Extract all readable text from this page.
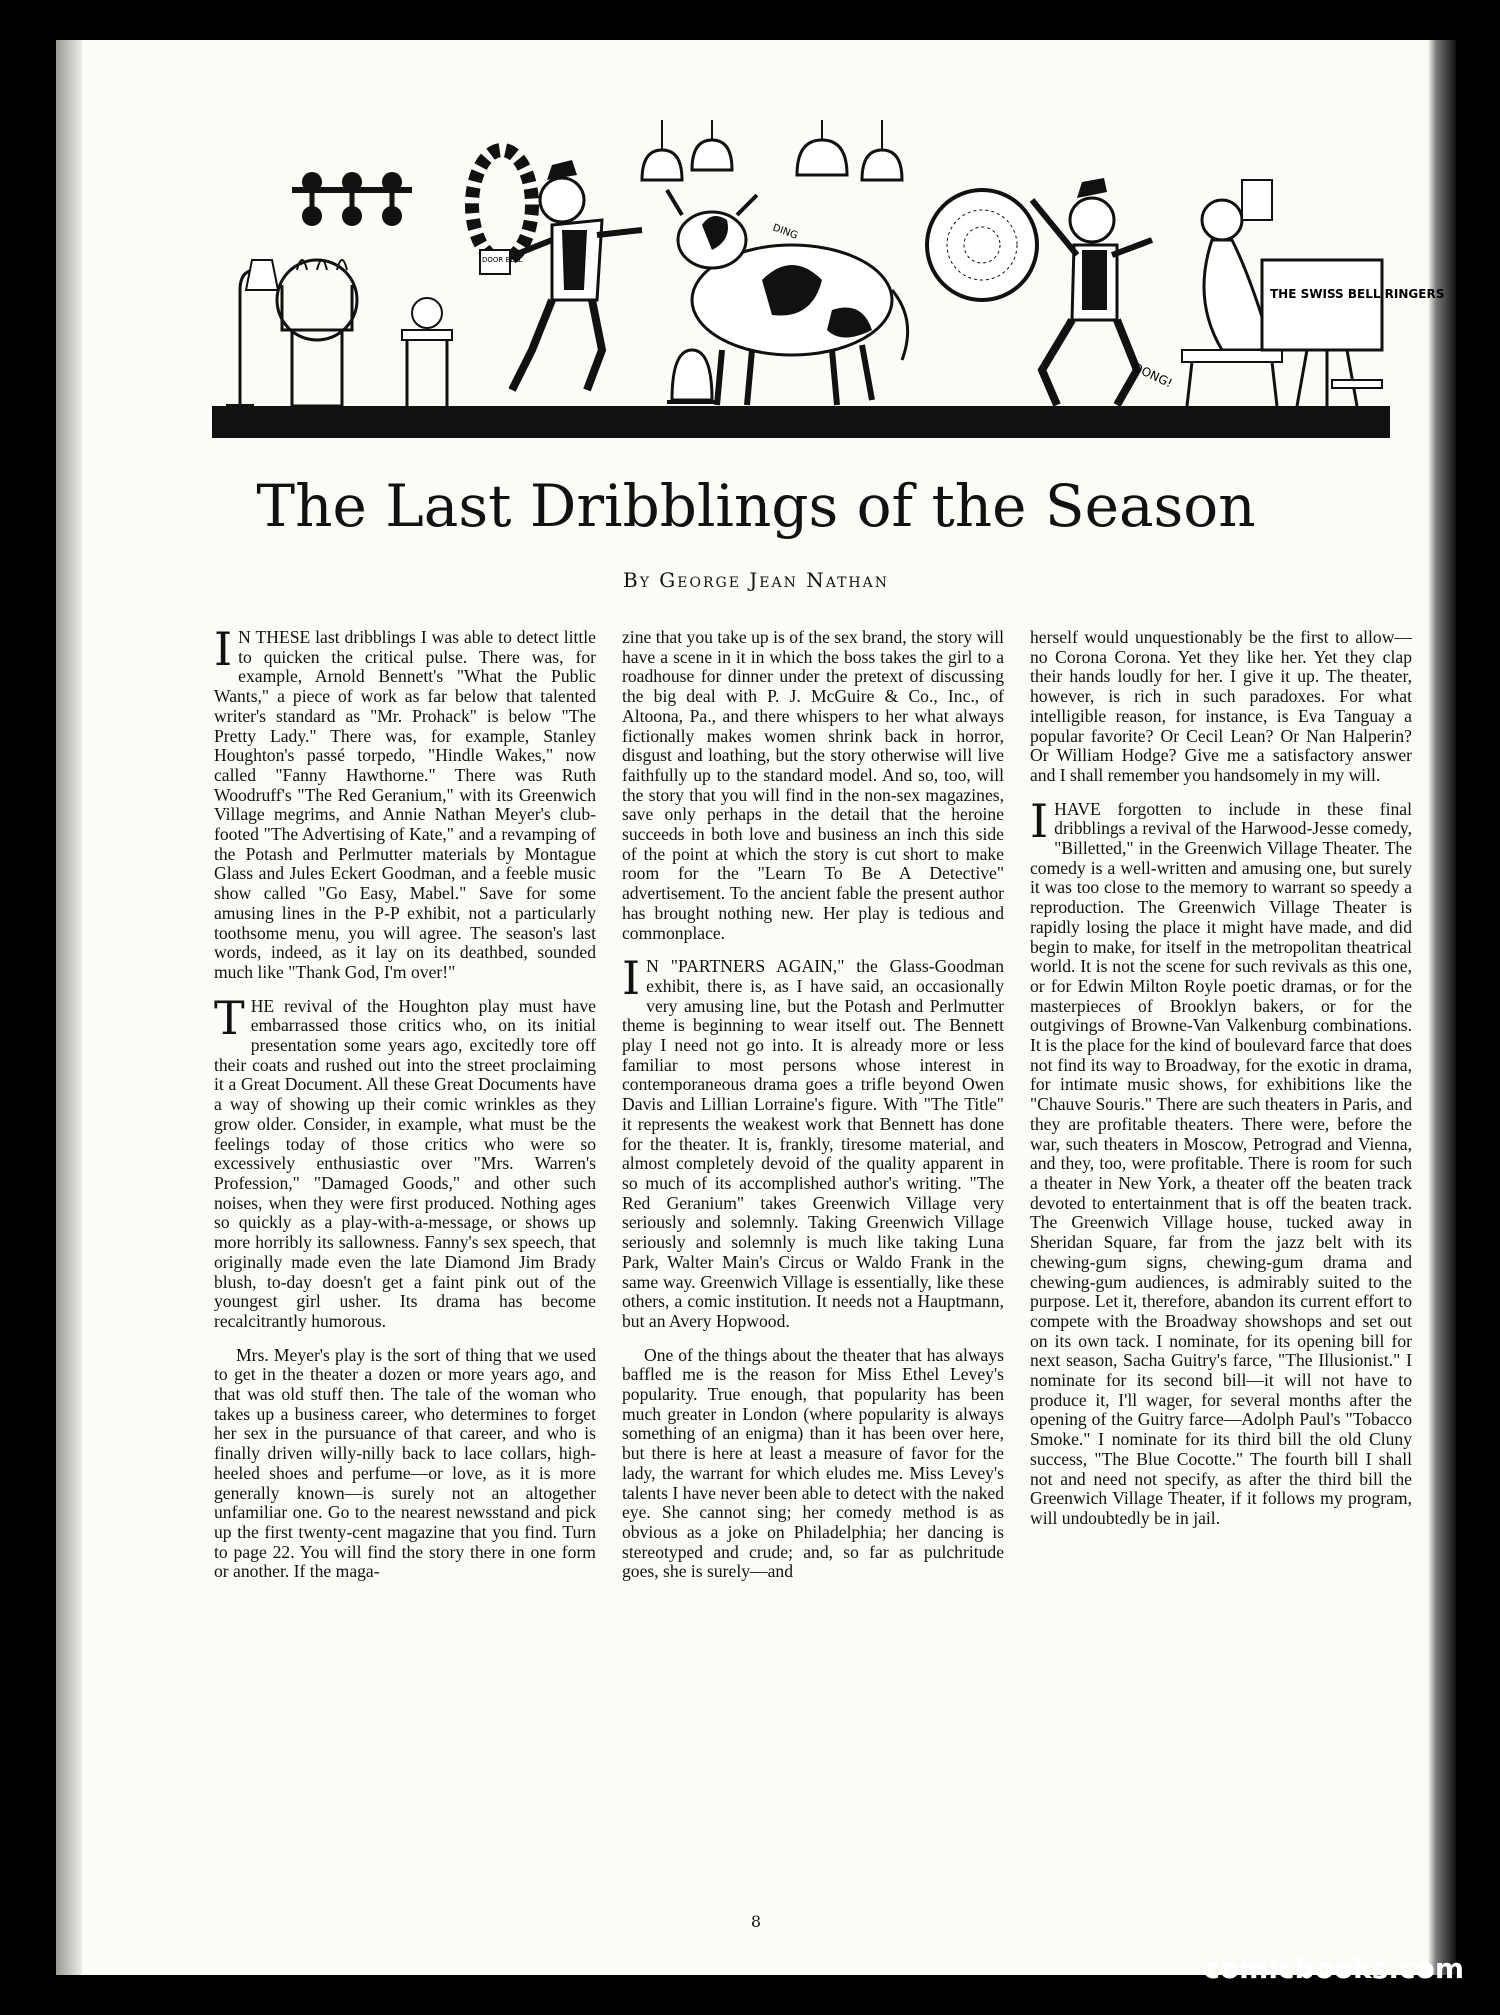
DOOR BELL
DING
DONG!
THE SWISS BELL RINGERS
The Last Dribblings of the Season

By George Jean Nathan

I N THESE last dribblings I was able to detect little to quicken the critical pulse. There was, for example, Arnold Bennett's "What the Public Wants," a piece of work as far below that talented writer's standard as "Mr. Prohack" is below "The Pretty Lady." There was, for example, Stanley Houghton's passé torpedo, "Hindle Wakes," now called "Fanny Hawthorne." There was Ruth Woodruff's "The Red Geranium," with its Greenwich Village megrims, and Annie Nathan Meyer's club-footed "The Advertising of Kate," and a revamping of the Potash and Perlmutter materials by Montague Glass and Jules Eckert Goodman, and a feeble music show called "Go Easy, Mabel." Save for some amusing lines in the P-P exhibit, not a particularly toothsome menu, you will agree. The season's last words, indeed, as it lay on its deathbed, sounded much like "Thank God, I'm over!"

THE revival of the Houghton play must have embarrassed those critics who, on its initial presentation some years ago, excitedly tore off their coats and rushed out into the street proclaiming it a Great Document. All these Great Documents have a way of showing up their comic wrinkles as they grow older. Consider, in example, what must be the feelings today of those critics who were so excessively enthusiastic over "Mrs. Warren's Profession," "Damaged Goods," and other such noises, when they were first produced. Nothing ages so quickly as a play-with-a-message, or shows up more horribly its sallowness. Fanny's sex speech, that originally made even the late Diamond Jim Brady blush, to-day doesn't get a faint pink out of the youngest girl usher. Its drama has become recalcitrantly humorous.

Mrs. Meyer's play is the sort of thing that we used to get in the theater a dozen or more years ago, and that was old stuff then. The tale of the woman who takes up a business career, who determines to forget her sex in the pursuance of that career, and who is finally driven willy-nilly back to lace collars, high-heeled shoes and perfume—or love, as it is more generally known—is surely not an altogether unfamiliar one. Go to the nearest newsstand and pick up the first twenty-cent magazine that you find. Turn to page 22. You will find the story there in one form or another. If the maga-

zine that you take up is of the sex brand, the story will have a scene in it in which the boss takes the girl to a roadhouse for dinner under the pretext of discussing the big deal with P. J. McGuire & Co., Inc., of Altoona, Pa., and there whispers to her what always fictionally makes women shrink back in horror, disgust and loathing, but the story otherwise will live faithfully up to the standard model. And so, too, will the story that you will find in the non-sex magazines, save only perhaps in the detail that the heroine succeeds in both love and business an inch this side of the point at which the story is cut short to make room for the "Learn To Be A Detective" advertisement. To the ancient fable the present author has brought nothing new. Her play is tedious and commonplace.

I N "PARTNERS AGAIN," the Glass-Goodman exhibit, there is, as I have said, an occasionally very amusing line, but the Potash and Perlmutter theme is beginning to wear itself out. The Bennett play I need not go into. It is already more or less familiar to most persons whose interest in contemporaneous drama goes a trifle beyond Owen Davis and Lillian Lorraine's figure. With "The Title" it represents the weakest work that Bennett has done for the theater. It is, frankly, tiresome material, and almost completely devoid of the quality apparent in so much of its accomplished author's writing. "The Red Geranium" takes Greenwich Village very seriously and solemnly. Taking Greenwich Village seriously and solemnly is much like taking Luna Park, Walter Main's Circus or Waldo Frank in the same way. Greenwich Village is essentially, like these others, a comic institution. It needs not a Hauptmann, but an Avery Hopwood.

One of the things about the theater that has always baffled me is the reason for Miss Ethel Levey's popularity. True enough, that popularity has been much greater in London (where popularity is always something of an enigma) than it has been over here, but there is here at least a measure of favor for the lady, the warrant for which eludes me. Miss Levey's talents I have never been able to detect with the naked eye. She cannot sing; her comedy method is as obvious as a joke on Philadelphia; her dancing is stereotyped and crude; and, so far as pulchritude goes, she is surely—and

herself would unquestionably be the first to allow—no Corona Corona. Yet they like her. Yet they clap their hands loudly for her. I give it up. The theater, however, is rich in such paradoxes. For what intelligible reason, for instance, is Eva Tanguay a popular favorite? Or Cecil Lean? Or Nan Halperin? Or William Hodge? Give me a satisfactory answer and I shall remember you handsomely in my will.

IHAVE forgotten to include in these final dribblings a revival of the Harwood-Jesse comedy, "Billetted," in the Greenwich Village Theater. The comedy is a well-written and amusing one, but surely it was too close to the memory to warrant so speedy a reproduction. The Greenwich Village Theater is rapidly losing the place it might have made, and did begin to make, for itself in the metropolitan theatrical world. It is not the scene for such revivals as this one, or for Edwin Milton Royle poetic dramas, or for the masterpieces of Brooklyn bakers, or for the outgivings of Browne-Van Valkenburg combinations. It is the place for the kind of boulevard farce that does not find its way to Broadway, for the exotic in drama, for intimate music shows, for exhibitions like the "Chauve Souris." There are such theaters in Paris, and they are profitable theaters. There were, before the war, such theaters in Moscow, Petrograd and Vienna, and they, too, were profitable. There is room for such a theater in New York, a theater off the beaten track devoted to entertainment that is off the beaten track. The Greenwich Village house, tucked away in Sheridan Square, far from the jazz belt with its chewing-gum signs, chewing-gum drama and chewing-gum audiences, is admirably suited to the purpose. Let it, therefore, abandon its current effort to compete with the Broadway showshops and set out on its own tack. I nominate, for its opening bill for next season, Sacha Guitry's farce, "The Illusionist." I nominate for its second bill—it will not have to produce it, I'll wager, for several months after the opening of the Guitry farce—Adolph Paul's "Tobacco Smoke." I nominate for its third bill the old Cluny success, "The Blue Cocotte." The fourth bill I shall not and need not specify, as after the third bill the Greenwich Village Theater, if it follows my program, will undoubtedly be in jail.

8

comicbooks.com
